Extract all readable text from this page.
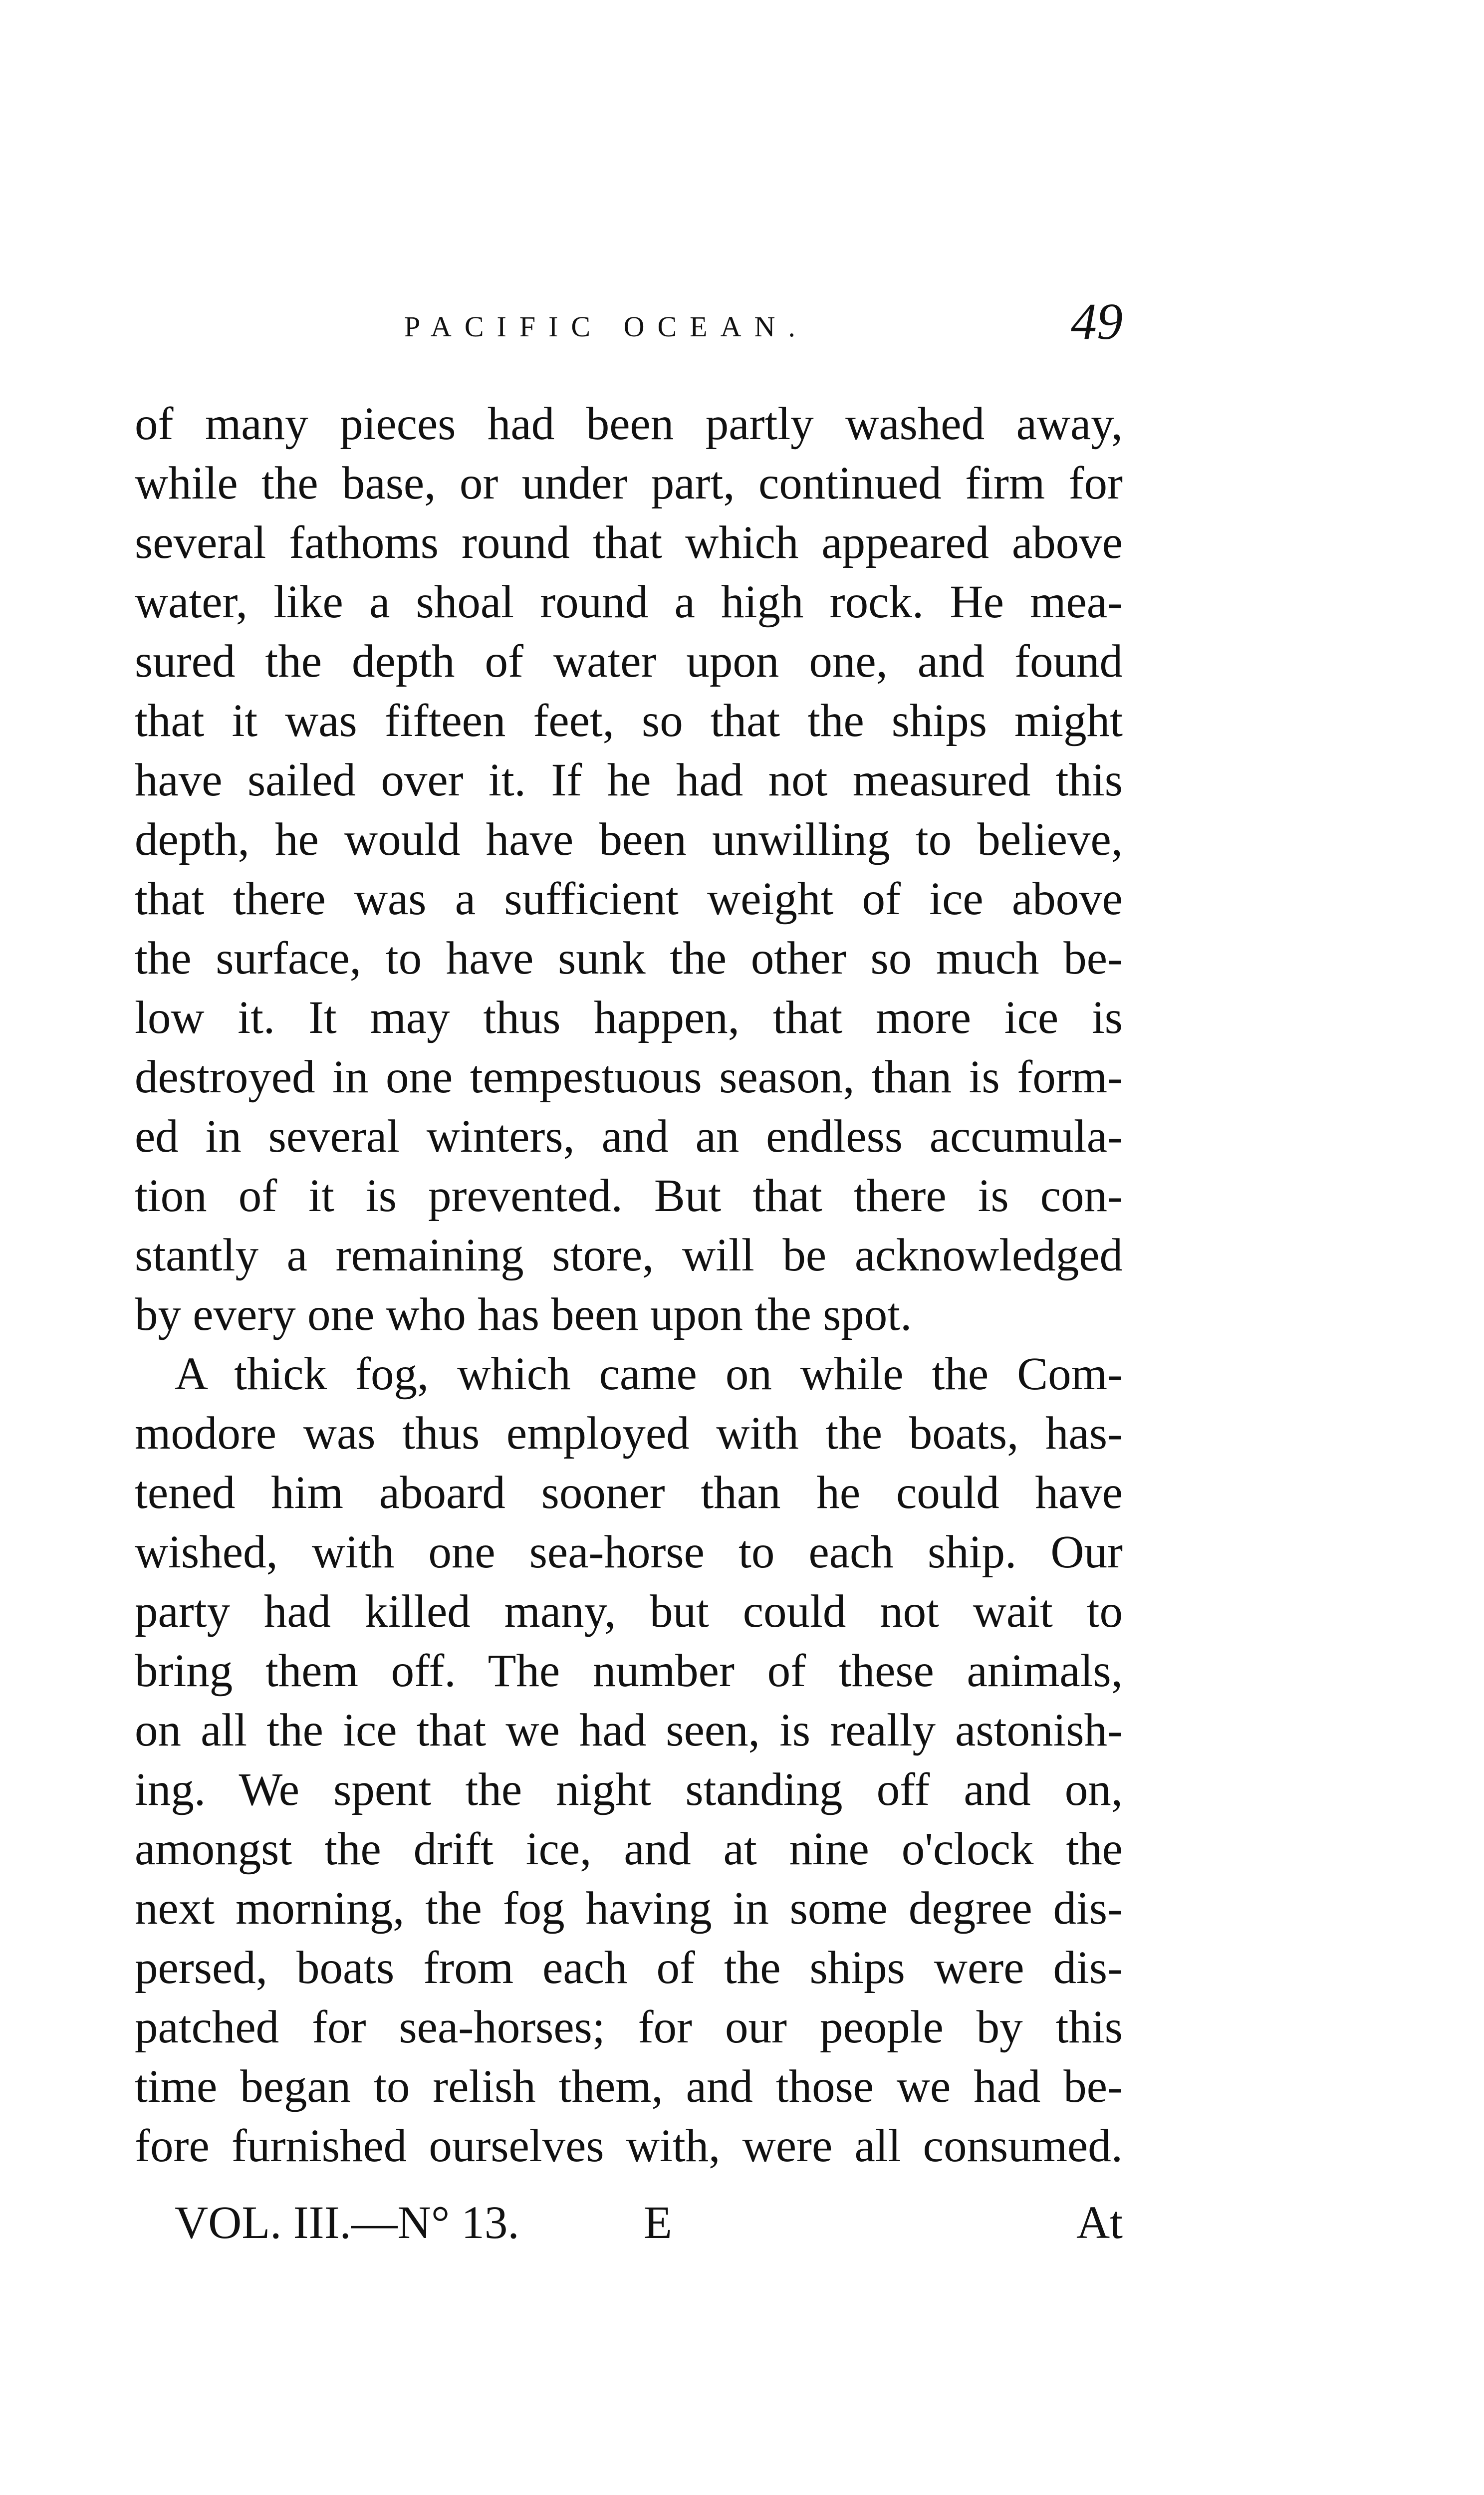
PACIFIC OCEAN.	49
of many pieces had been partly washed away,
while the base, or under part, continued firm for
several fathoms round that which appeared above
water, like a shoal round a high rock. He mea-
sured the depth of water upon one, and found
that it was fifteen feet, so that the ships might
have sailed over it. If he had not measured this
depth, he would have been unwilling to believe,
that there was a sufficient weight of ice above
the surface, to have sunk the other so much be-
low it. It may thus happen, that more ice is
destroyed in one tempestuous season, than is form-
ed in several winters, and an endless accumula-
tion of it is prevented. But that there is con-
stantly a remaining store, will be acknowledged
by every one who has been upon the spot.
A thick fog, which came on while the Com-
modore was thus employed with the boats, has-
tened him aboard sooner than he could have
wished, with one sea-horse to each ship. Our
party had killed many, but could not wait to
bring them off. The number of these animals,
on all the ice that we had seen, is really astonish-
ing. We spent the night standing off and on,
amongst the drift ice, and at nine o'clock the
next morning, the fog having in some degree dis-
persed, boats from each of the ships were dis-
patched for sea-horses; for our people by this
time began to relish them, and those we had be-
fore furnished ourselves with, were all consumed.
VOL. III.—N° 13.	E	At
